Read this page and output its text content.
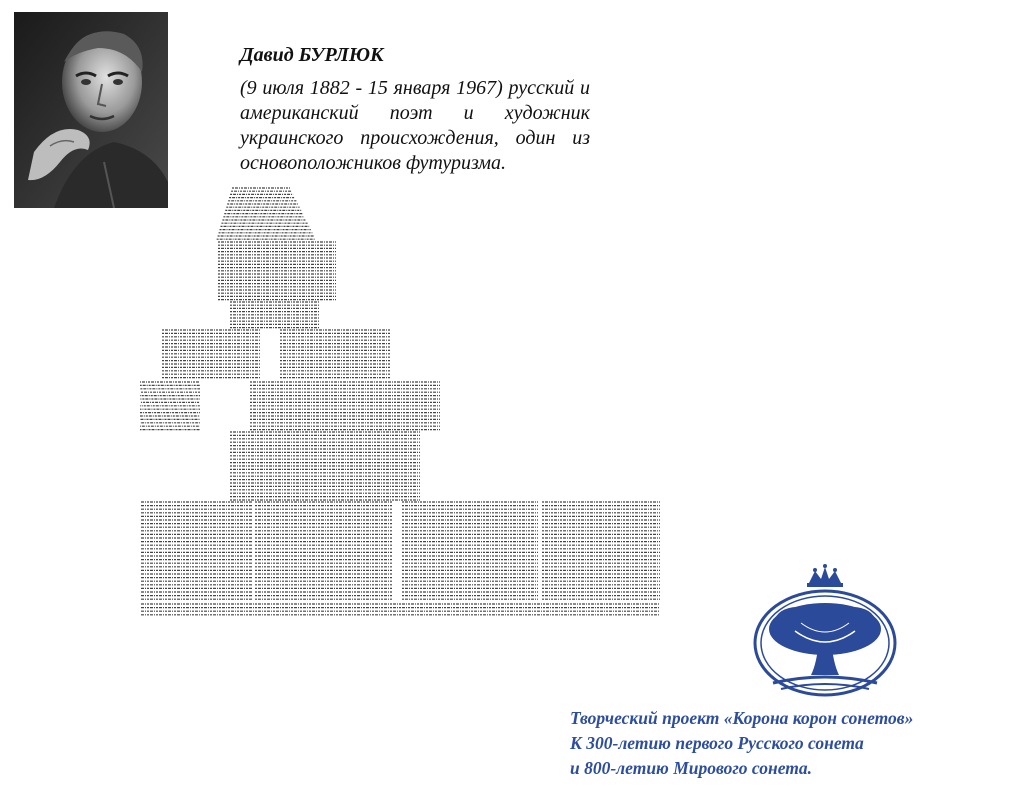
Давид БУРЛЮК

(9 июля 1882 - 15 января 1967) русский и американский поэт и художник украинского происхождения, один из основоположников футуризма.

Творческий проект «Корона корон сонетов»
К 300-летию первого Русского сонета
и 800-летию Мирового сонета.
